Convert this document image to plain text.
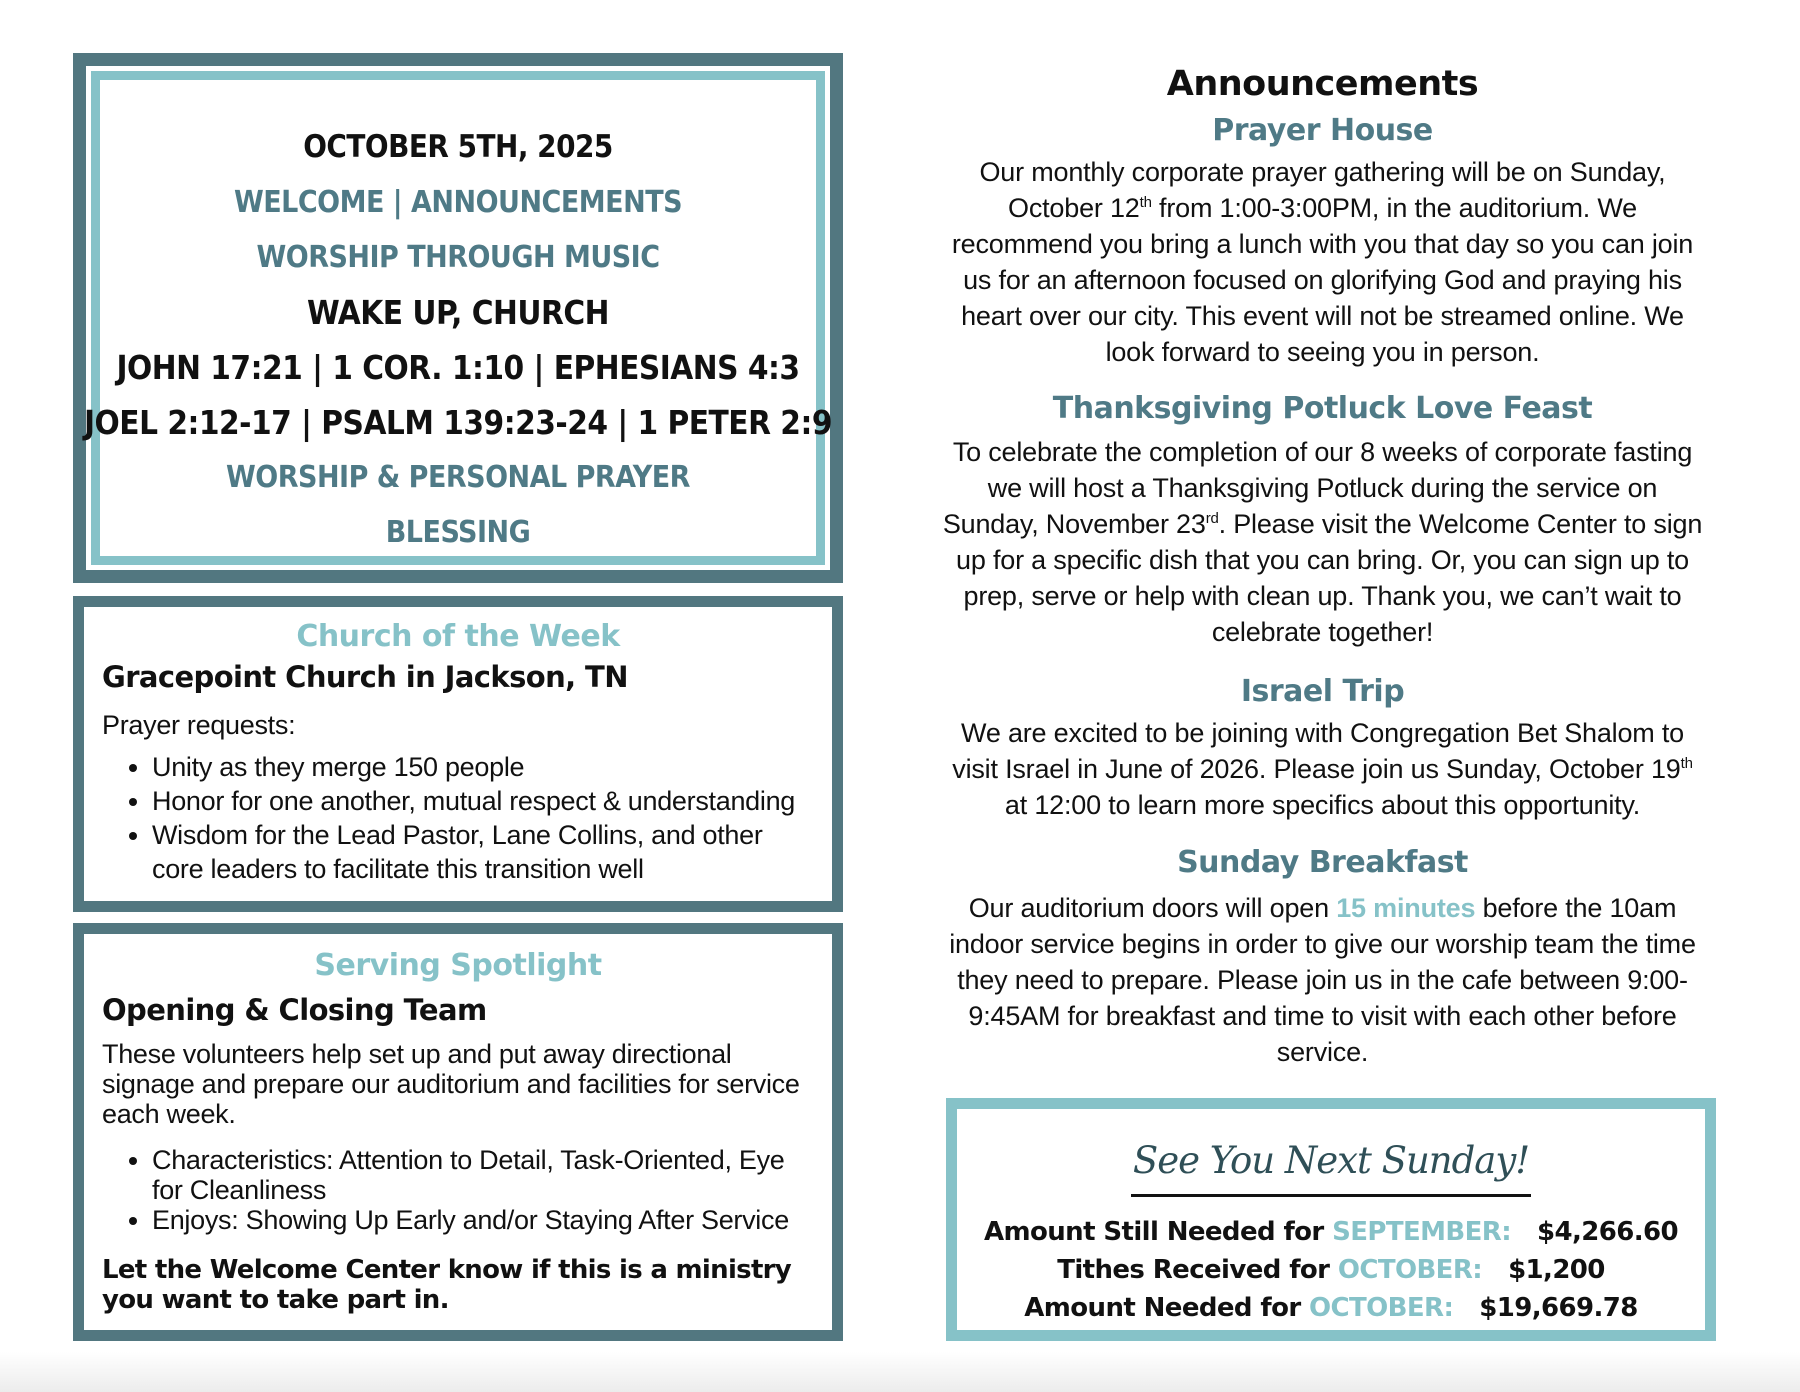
OCTOBER 5TH, 2025
WELCOME | ANNOUNCEMENTS
WORSHIP THROUGH MUSIC
WAKE UP, CHURCH
JOHN 17:21 | 1 COR. 1:10 | EPHESIANS 4:3
JOEL 2:12-17 | PSALM 139:23-24 | 1 PETER 2:9
WORSHIP & PERSONAL PRAYER
BLESSING
Church of the Week
Gracepoint Church in Jackson, TN
Prayer requests:
• Unity as they merge 150 people
• Honor for one another, mutual respect & understanding
• Wisdom for the Lead Pastor, Lane Collins, and other core leaders to facilitate this transition well
Serving Spotlight
Opening & Closing Team
These volunteers help set up and put away directional signage and prepare our auditorium and facilities for service each week.
• Characteristics: Attention to Detail, Task-Oriented, Eye for Cleanliness
• Enjoys: Showing Up Early and/or Staying After Service
Let the Welcome Center know if this is a ministry you want to take part in.
Announcements
Prayer House
Our monthly corporate prayer gathering will be on Sunday, October 12th from 1:00-3:00PM, in the auditorium. We recommend you bring a lunch with you that day so you can join us for an afternoon focused on glorifying God and praying his heart over our city. This event will not be streamed online. We look forward to seeing you in person.
Thanksgiving Potluck Love Feast
To celebrate the completion of our 8 weeks of corporate fasting we will host a Thanksgiving Potluck during the service on Sunday, November 23rd. Please visit the Welcome Center to sign up for a specific dish that you can bring. Or, you can sign up to prep, serve or help with clean up. Thank you, we can’t wait to celebrate together!
Israel Trip
We are excited to be joining with Congregation Bet Shalom to visit Israel in June of 2026. Please join us Sunday, October 19th at 12:00 to learn more specifics about this opportunity.
Sunday Breakfast
Our auditorium doors will open 15 minutes before the 10am indoor service begins in order to give our worship team the time they need to prepare. Please join us in the cafe between 9:00-9:45AM for breakfast and time to visit with each other before service.
See You Next Sunday!
Amount Still Needed for SEPTEMBER: $4,266.60
Tithes Received for OCTOBER: $1,200
Amount Needed for OCTOBER: $19,669.78
